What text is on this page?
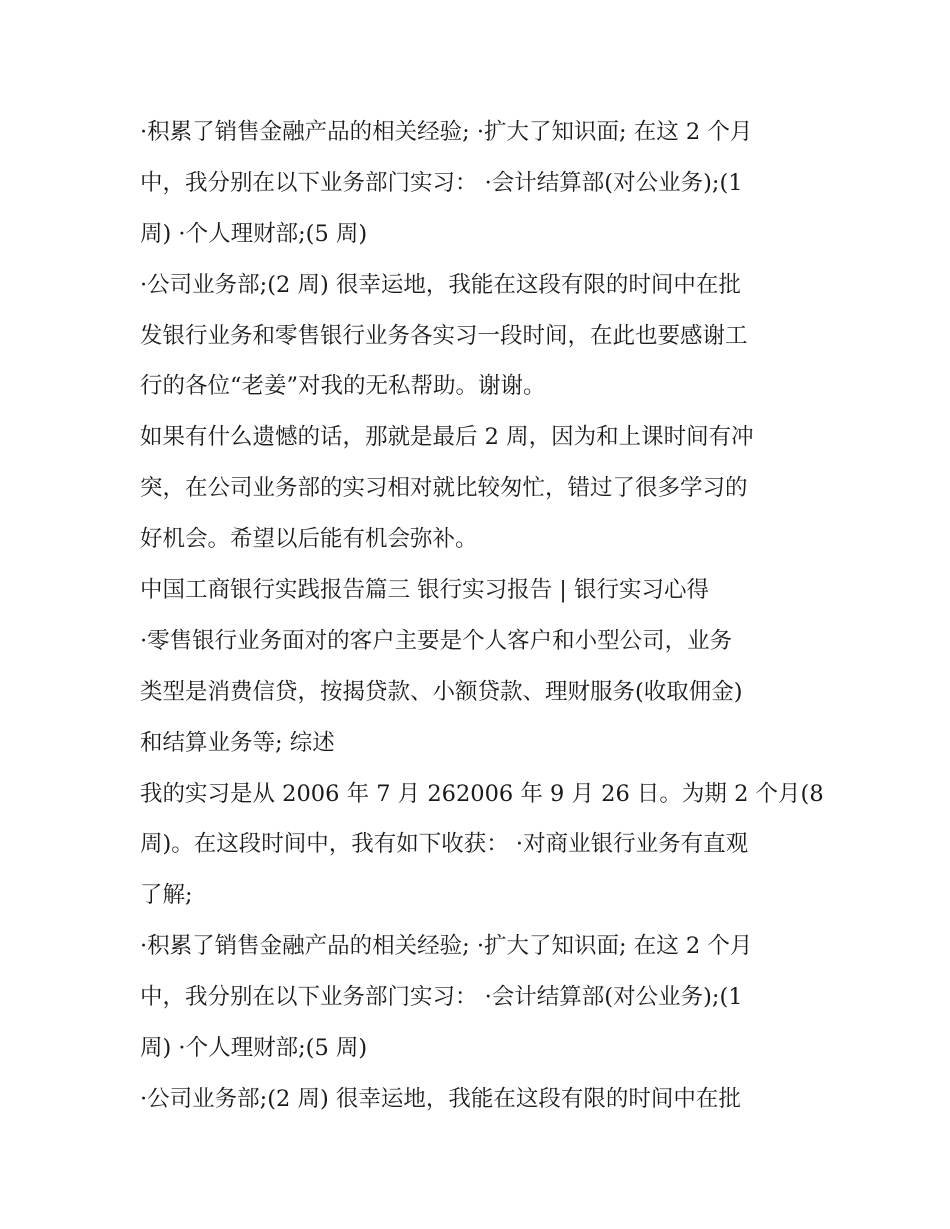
·积累了销售金融产品的相关经验; ·扩大了知识面; 在这 2 个月
中，我分别在以下业务部门实习： ·会计结算部(对公业务);(1
周) ·个人理财部;(5 周)
·公司业务部;(2 周) 很幸运地，我能在这段有限的时间中在批
发银行业务和零售银行业务各实习一段时间，在此也要感谢工
行的各位“老姜”对我的无私帮助。谢谢。
如果有什么遗憾的话，那就是最后 2 周，因为和上课时间有冲
突，在公司业务部的实习相对就比较匆忙，错过了很多学习的
好机会。希望以后能有机会弥补。
中国工商银行实践报告篇三 银行实习报告 | 银行实习心得
·零售银行业务面对的客户主要是个人客户和小型公司，业务
类型是消费信贷，按揭贷款、小额贷款、理财服务(收取佣金)
和结算业务等; 综述
我的实习是从 2006 年 7 月 262006 年 9 月 26 日。为期 2 个月(8
周)。在这段时间中，我有如下收获： ·对商业银行业务有直观
了解;
·积累了销售金融产品的相关经验; ·扩大了知识面; 在这 2 个月
中，我分别在以下业务部门实习： ·会计结算部(对公业务);(1
周) ·个人理财部;(5 周)
·公司业务部;(2 周) 很幸运地，我能在这段有限的时间中在批
